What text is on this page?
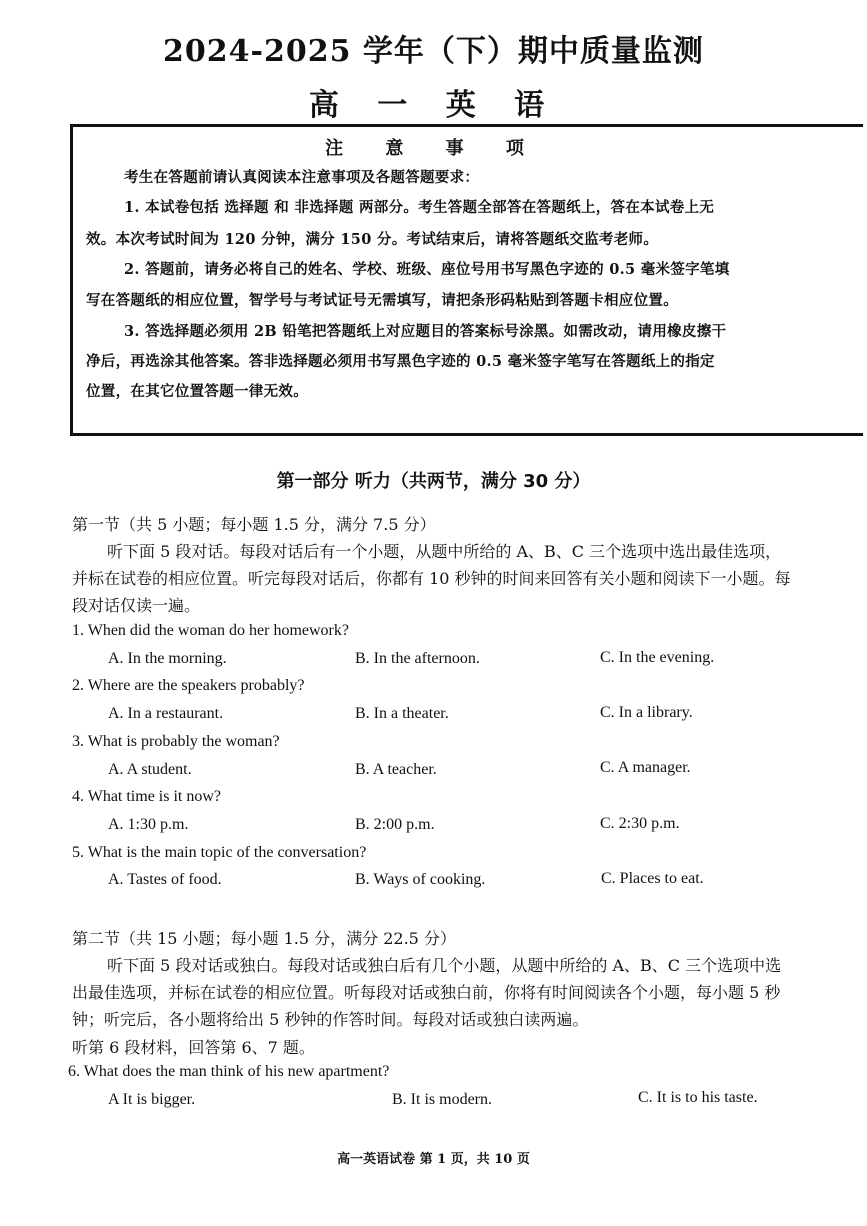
2024-2025 学年（下）期中质量监测
高 一 英 语
注 意 事 项
考生在答题前请认真阅读本注意事项及各题答题要求：
1. 本试卷包括 选择题 和 非选择题 两部分。考生答题全部答在答题纸上，答在本试卷上无
效。本次考试时间为 120 分钟，满分 150 分。考试结束后，请将答题纸交监考老师。
2. 答题前，请务必将自己的姓名、学校、班级、座位号用书写黑色字迹的 0.5 毫米签字笔填
写在答题纸的相应位置，智学号与考试证号无需填写，请把条形码粘贴到答题卡相应位置。
3. 答选择题必须用 2B 铅笔把答题纸上对应题目的答案标号涂黑。如需改动，请用橡皮擦干
净后，再选涂其他答案。答非选择题必须用书写黑色字迹的 0.5 毫米签字笔写在答题纸上的指定
位置，在其它位置答题一律无效。
第一部分 听力（共两节，满分 30 分）
第一节（共 5 小题；每小题 1.5 分，满分 7.5 分）
听下面 5 段对话。每段对话后有一个小题，从题中所给的 A、B、C 三个选项中选出最佳选项，
并标在试卷的相应位置。听完每段对话后，你都有 10 秒钟的时间来回答有关小题和阅读下一小题。每
段对话仅读一遍。
1. When did the woman do her homework?
A. In the morning.	B. In the afternoon.	C. In the evening.
2. Where are the speakers probably?
A. In a restaurant.	B. In a theater.	C. In a library.
3. What is probably the woman?
A. A student.	B. A teacher.	C. A manager.
4. What time is it now?
A. 1:30 p.m.	B. 2:00 p.m.	C. 2:30 p.m.
5. What is the main topic of the conversation?
A. Tastes of food.	B. Ways of cooking.	C. Places to eat.
第二节（共 15 小题；每小题 1.5 分，满分 22.5 分）
听下面 5 段对话或独白。每段对话或独白后有几个小题，从题中所给的 A、B、C 三个选项中选
出最佳选项，并标在试卷的相应位置。听每段对话或独白前，你将有时间阅读各个小题，每小题 5 秒
钟；听完后，各小题将给出 5 秒钟的作答时间。每段对话或独白读两遍。
听第 6 段材料，回答第 6、7 题。
6. What does the man think of his new apartment?
A It is bigger.	B. It is modern.	C. It is to his taste.
高一英语试卷 第 1 页，共 10 页
